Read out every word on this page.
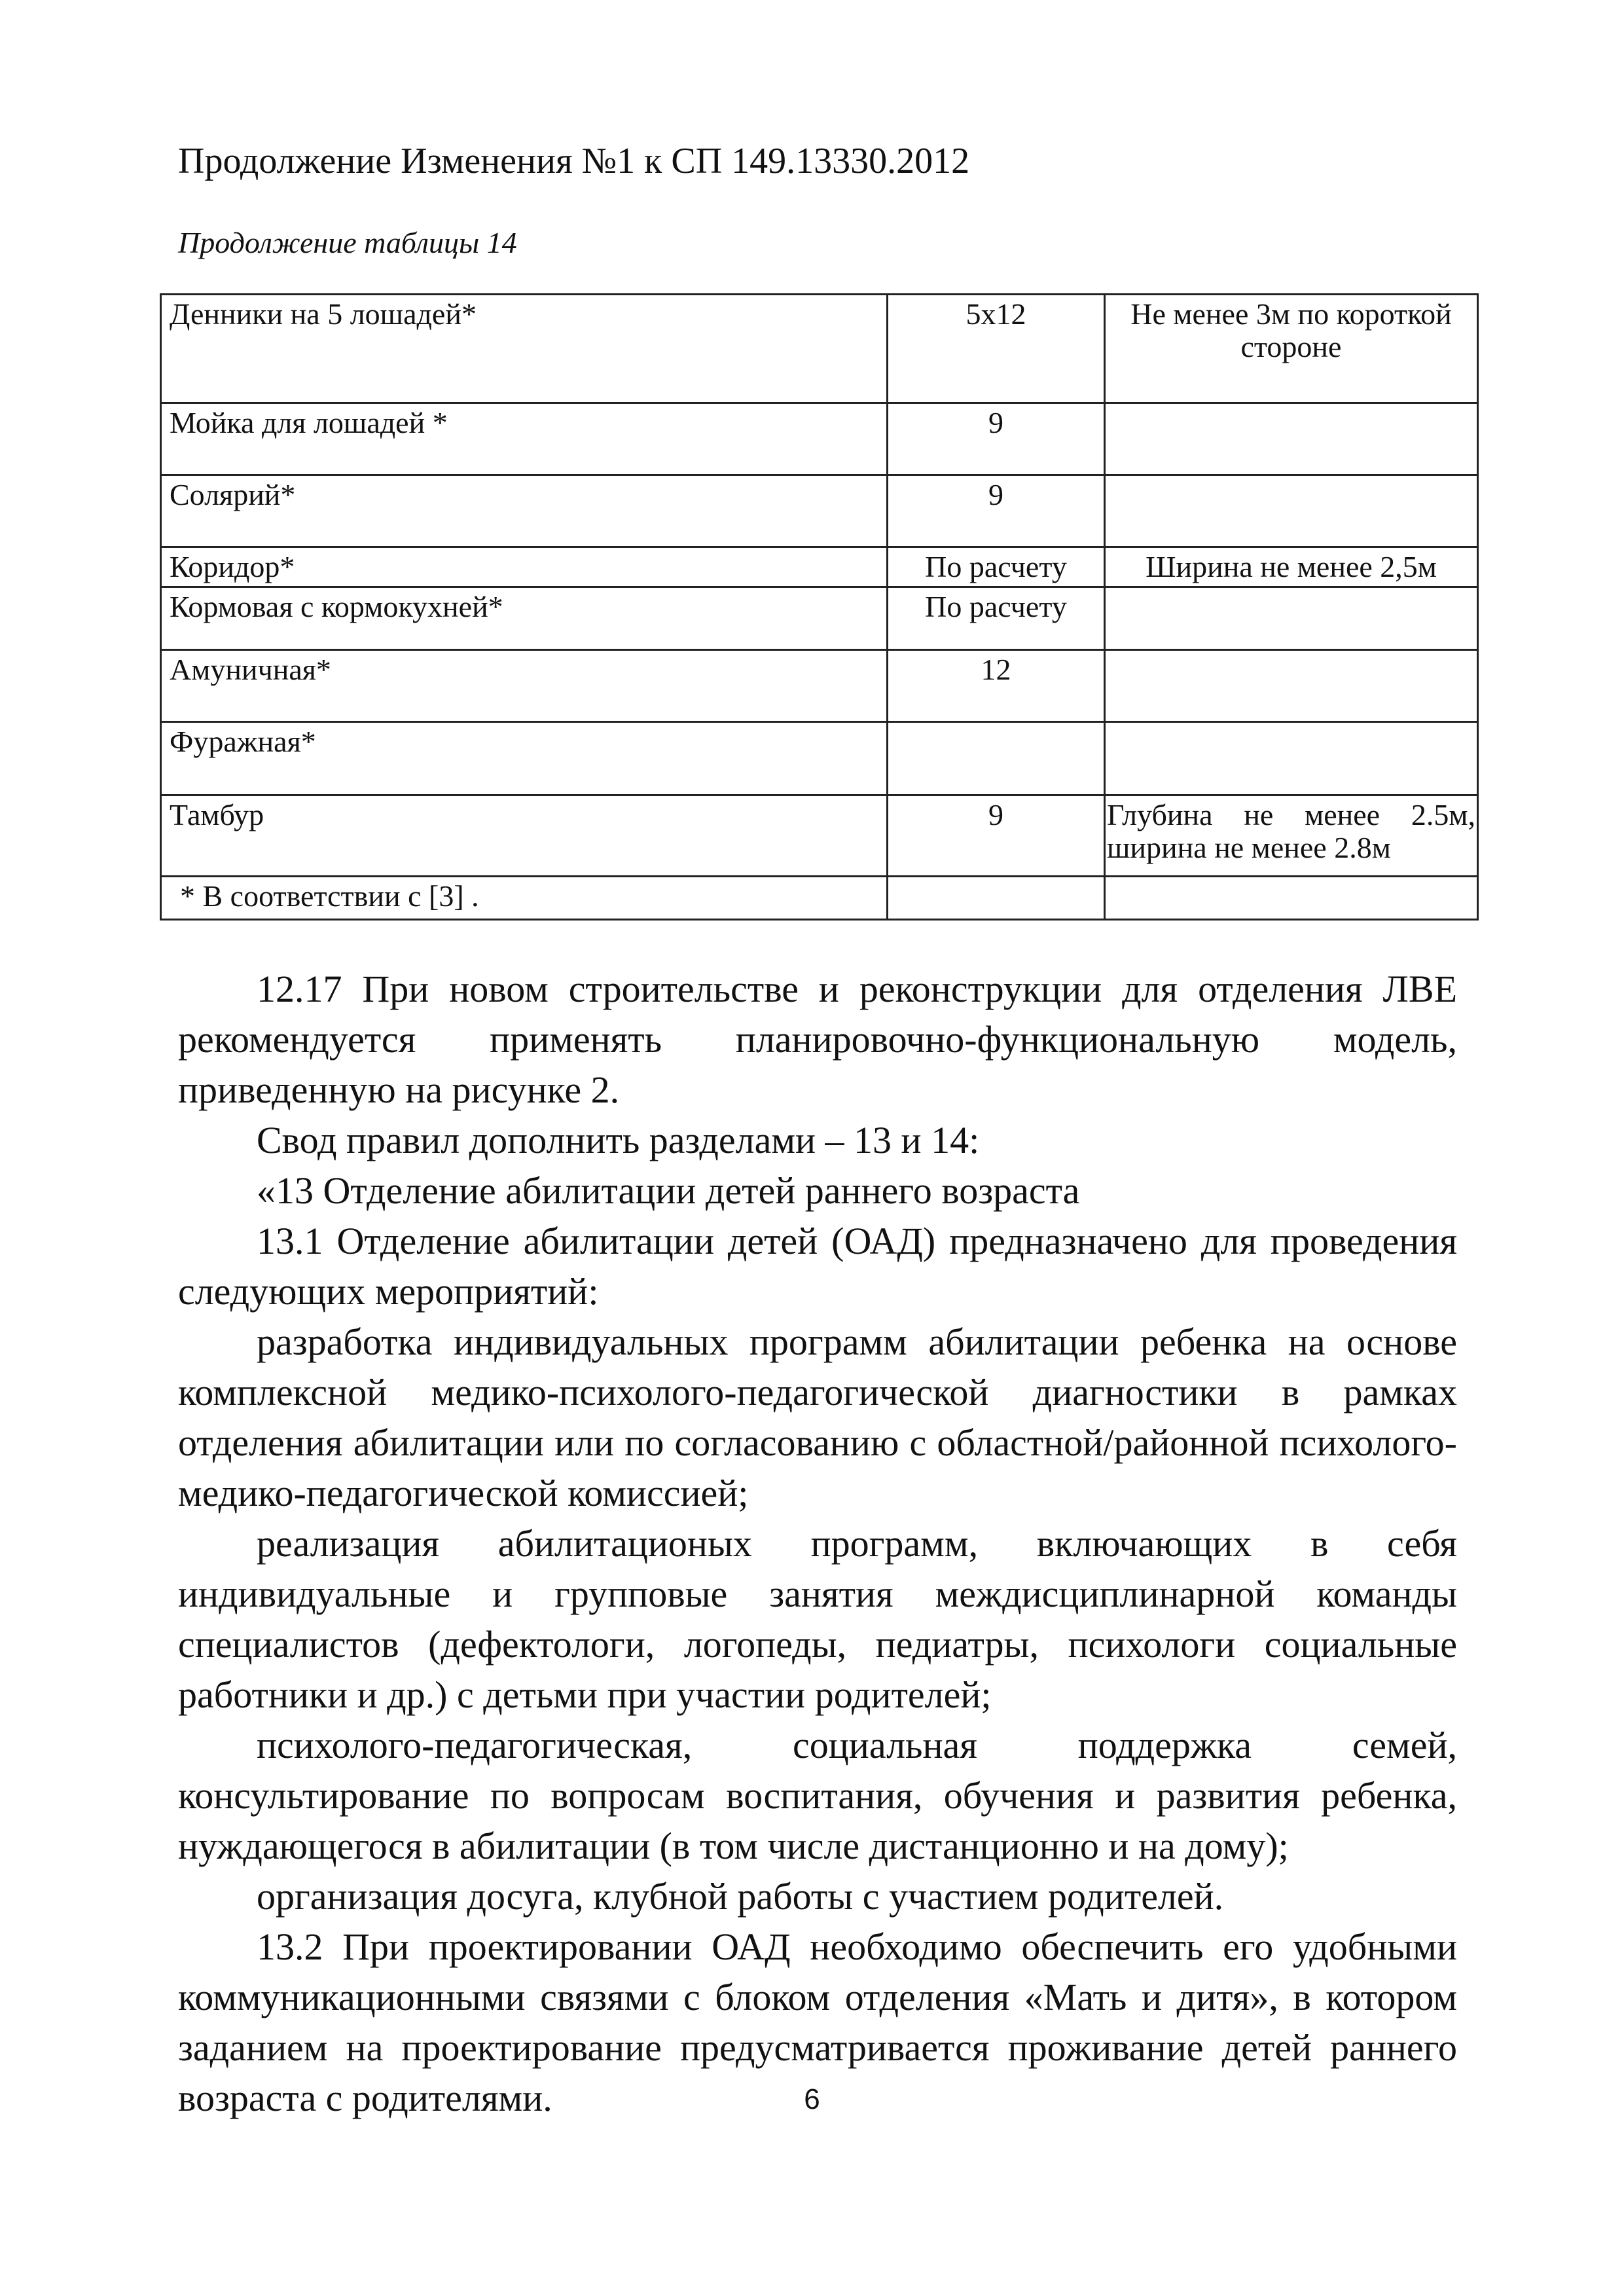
Продолжение Изменения №1 к СП 149.13330.2012
Продолжение таблицы 14
Денники на 5 лошадей*	5х12	Не менее 3м по короткой стороне
Мойка для лошадей *	9	
Солярий*	9	
Коридор*	По расчету	Ширина не менее 2,5м
Кормовая с кормокухней*	По расчету	
Амуничная*	12	
Фуражная*		
Тамбур	9	Глубина не менее 2.5м, ширина не менее 2.8м
* В соответствии с [3] .		

12.17 При новом строительстве и реконструкции для отделения ЛВЕ рекомендуется применять планировочно-функциональную модель, приведенную на рисунке 2.

Свод правил дополнить разделами – 13 и 14:

«13 Отделение абилитации детей раннего возраста

13.1 Отделение абилитации детей (ОАД) предназначено для проведения следующих мероприятий:

разработка индивидуальных программ абилитации ребенка на основе комплексной медико-психолого-педагогической диагностики в рамках отделения абилитации или по согласованию с областной/районной психолого-медико-педагогической комиссией;

реализация абилитационых программ, включающих в себя индивидуальные и групповые занятия междисциплинарной команды специалистов (дефектологи, логопеды, педиатры, психологи социальные работники и др.) с детьми при участии родителей;

психолого-педагогическая, социальная поддержка семей, консультирование по вопросам воспитания, обучения и развития ребенка, нуждающегося в абилитации (в том числе дистанционно и на дому);

организация досуга, клубной работы с участием родителей.

13.2 При проектировании ОАД необходимо обеспечить его удобными коммуникационными связями с блоком отделения «Мать и дитя», в котором заданием на проектирование предусматривается проживание детей раннего возраста с родителями.	6
